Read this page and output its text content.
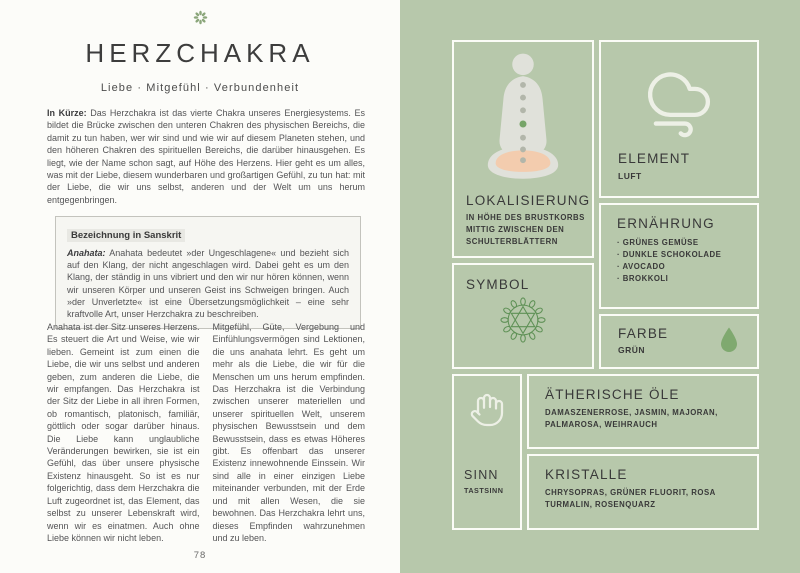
HERZCHAKRA
Liebe · Mitgefühl · Verbundenheit

In Kürze: Das Herzchakra ist das vierte Chakra unseres Energiesystems. Es bildet die Brücke zwischen den unteren Chakren des physischen Bereichs, die damit zu tun haben, wer wir sind und wie wir auf diesem Planeten stehen, und den höheren Chakren des spirituellen Bereichs, die darüber hinausgehen. Es liegt, wie der Name schon sagt, auf Höhe des Herzens. Hier geht es um alles, was mit der Liebe, diesem wunderbaren und großartigen Gefühl, zu tun hat: mit der Liebe, die wir uns selbst, anderen und der Welt um uns herum entgegenbringen.

Bezeichnung in Sanskrit

Anahata: Anahata bedeutet »der Ungeschlagene« und bezieht sich auf den Klang, der nicht angeschlagen wird. Dabei geht es um den Klang, der ständig in uns vibriert und den wir nur hören können, wenn wir unseren Körper und unseren Geist ins Schweigen bringen. Auch »der Unverletzte« ist eine Übersetzungsmöglichkeit – eine sehr kraftvolle Art, unser Herzchakra zu beschreiben.

Anahata ist der Sitz unseres Herzens. Es steuert die Art und Weise, wie wir lieben. Gemeint ist zum einen die Liebe, die wir uns selbst und anderen geben, zum anderen die Liebe, die wir empfangen. Das Herzchakra ist der Sitz der Liebe in all ihren Formen, ob romantisch, platonisch, familiär, göttlich oder sogar darüber hinaus. Die Liebe kann unglaubliche Veränderungen bewirken, sie ist ein Gefühl, das über unsere physische Existenz hinausgeht. So ist es nur folgerichtig, dass dem Herzchakra die Luft zugeordnet ist, das Element, das selbst zu unserer Lebenskraft wird, wenn wir es einatmen. Auch ohne Liebe können wir nicht leben.

Mitgefühl, Güte, Vergebung und Einfühlungsvermögen sind Lektionen, die uns anahata lehrt. Es geht um mehr als die Liebe, die wir für die Menschen um uns herum empfinden. Das Herzchakra ist die Verbindung zwischen unserer materiellen und unserer spirituellen Welt, unserem physischen Bewusstsein und dem Bewusstsein, dass es etwas Höheres gibt. Es offenbart das unserer Existenz innewohnende Einssein. Wir sind alle in einer einzigen Liebe miteinander verbunden, mit der Erde und mit allen Wesen, die sie bewohnen. Das Herzchakra lehrt uns, dieses Empfinden wahrzunehmen und zu leben.

78
LOKALISIERUNG
IN HÖHE DES BRUSTKORBS MITTIG ZWISCHEN DEN SCHULTERBLÄTTERN
ELEMENT
LUFT
ERNÄHRUNG
· GRÜNES GEMÜSE
· DUNKLE SCHOKOLADE
· AVOCADO
· BROKKOLI
SYMBOL
FARBE
GRÜN
SINN
TASTSINN
ÄTHERISCHE ÖLE
DAMASZENERROSE, JASMIN, MAJORAN, PALMAROSA, WEIHRAUCH
KRISTALLE
CHRYSOPRAS, GRÜNER FLUORIT, ROSA TURMALIN, ROSENQUARZ
